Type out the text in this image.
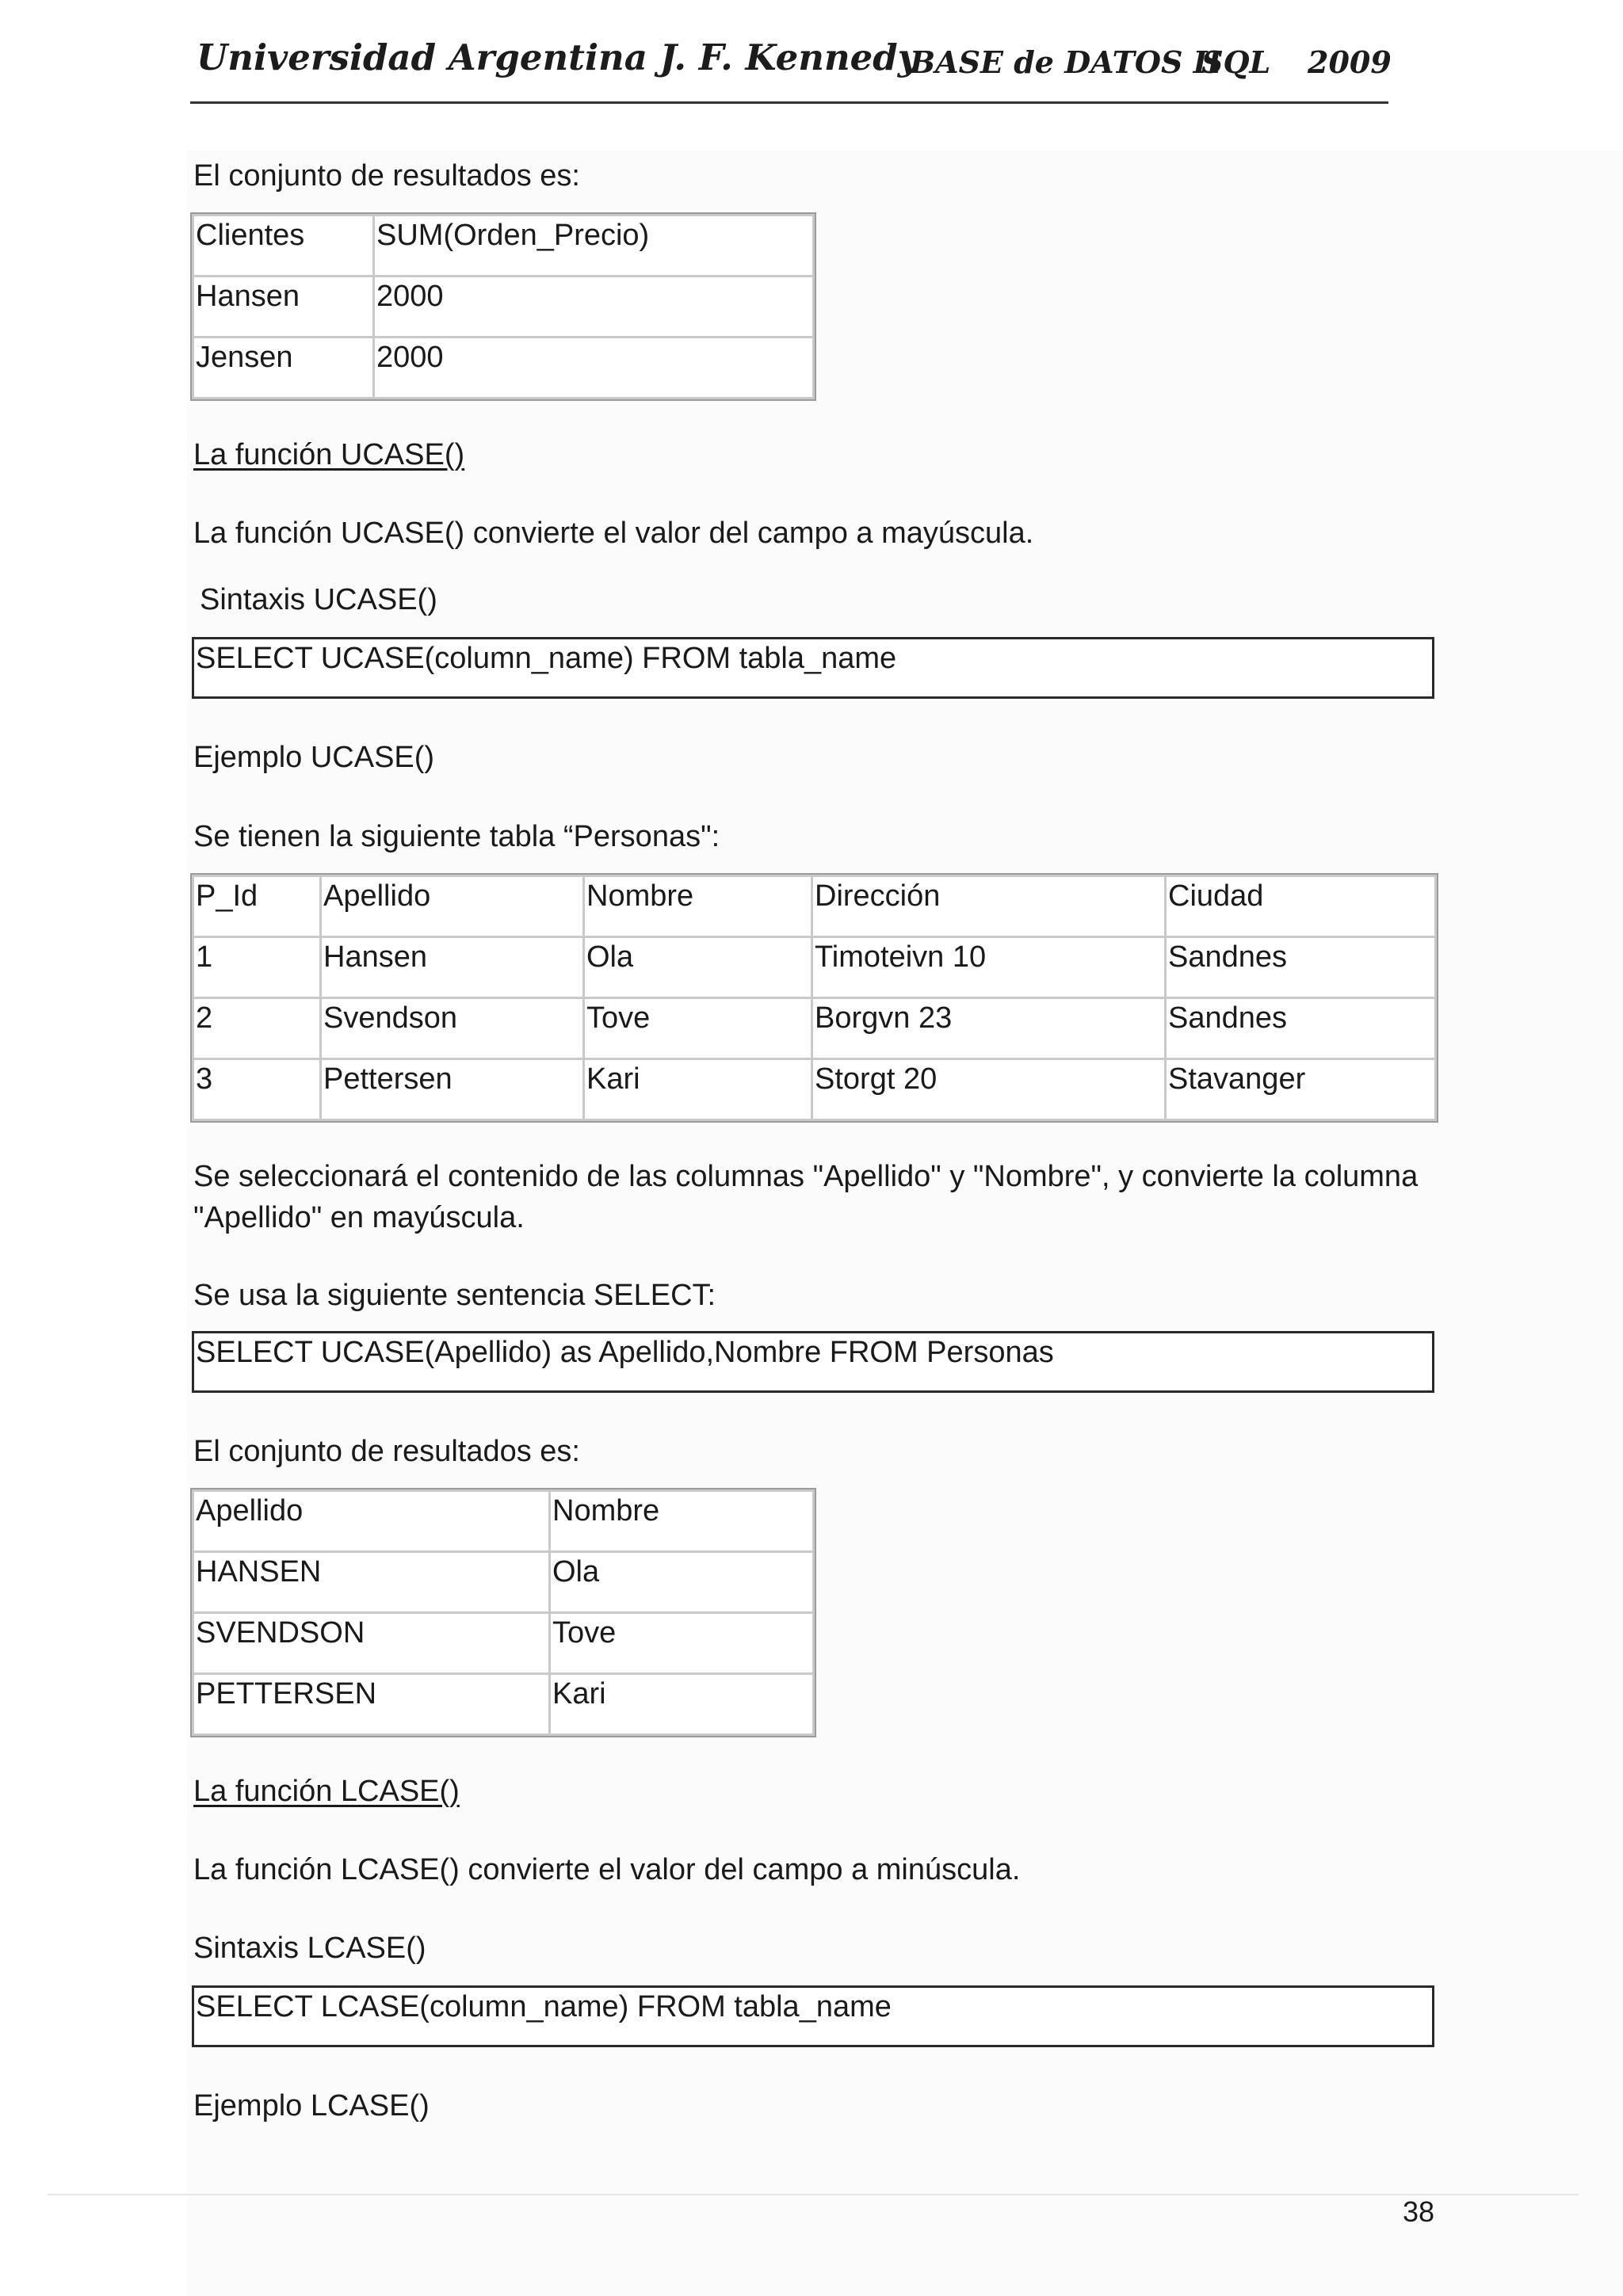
Universidad Argentina J. F. Kennedy
BASE de DATOS II
SQL 2009
El conjunto de resultados es:
Clientes	SUM(Orden_Precio)
Hansen	2000
Jensen	2000
La función UCASE()
La función UCASE() convierte el valor del campo a mayúscula.
Sintaxis UCASE()
SELECT UCASE(column_name) FROM tabla_name
Ejemplo UCASE()
Se tienen la siguiente tabla “Personas":
P_Id	Apellido	Nombre	Dirección	Ciudad
1	Hansen	Ola	Timoteivn 10	Sandnes
2	Svendson	Tove	Borgvn 23	Sandnes
3	Pettersen	Kari	Storgt 20	Stavanger
Se seleccionará el contenido de las columnas "Apellido" y "Nombre", y convierte la columna
"Apellido" en mayúscula.
Se usa la siguiente sentencia SELECT:
SELECT UCASE(Apellido) as Apellido,Nombre FROM Personas
El conjunto de resultados es:
Apellido	Nombre
HANSEN	Ola
SVENDSON	Tove
PETTERSEN	Kari
La función LCASE()
La función LCASE() convierte el valor del campo a minúscula.
Sintaxis LCASE()
SELECT LCASE(column_name) FROM tabla_name
Ejemplo LCASE()
38
